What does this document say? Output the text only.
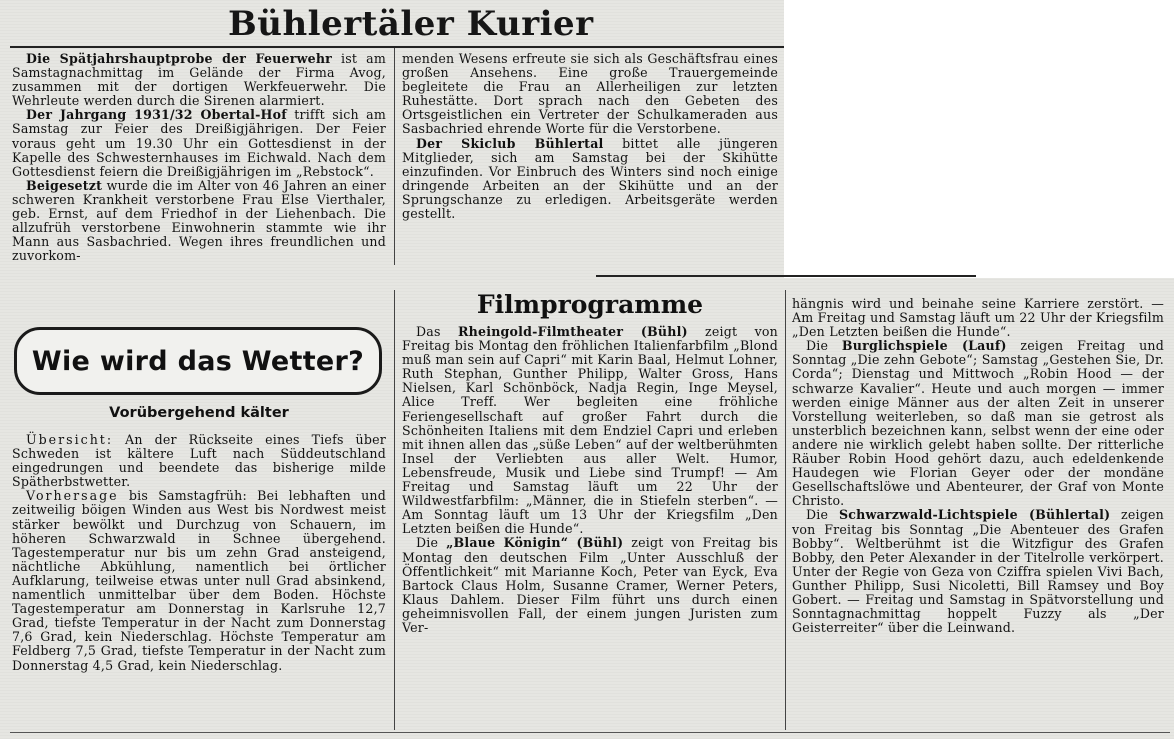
Bühlertäler Kurier

Die Spätjahrshauptprobe der Feuerwehr ist am Samstagnachmittag im Gelände der Firma Avog, zusammen mit der dortigen Werkfeuerwehr. Die Wehrleute werden durch die Sirenen alarmiert.

Der Jahrgang 1931/32 Obertal-Hof trifft sich am Samstag zur Feier des Dreißigjährigen. Der Feier voraus geht um 19.30 Uhr ein Gottesdienst in der Kapelle des Schwesternhauses im Eichwald. Nach dem Gottesdienst feiern die Dreißigjährigen im „Rebstock“.

Beigesetzt wurde die im Alter von 46 Jahren an einer schweren Krankheit verstorbene Frau Else Vierthaler, geb. Ernst, auf dem Friedhof in der Liehenbach. Die allzufrüh verstorbene Einwohnerin stammte wie ihr Mann aus Sasbachried. Wegen ihres freundlichen und zuvorkom-

menden Wesens erfreute sie sich als Geschäftsfrau eines großen Ansehens. Eine große Trauergemeinde begleitete die Frau an Allerheiligen zur letzten Ruhestätte. Dort sprach nach den Gebeten des Ortsgeistlichen ein Vertreter der Schulkameraden aus Sasbachried ehrende Worte für die Verstorbene.

Der Skiclub Bühlertal bittet alle jüngeren Mitglieder, sich am Samstag bei der Skihütte einzufinden. Vor Einbruch des Winters sind noch einige dringende Arbeiten an der Skihütte und an der Sprungschanze zu erledigen. Arbeitsgeräte werden gestellt.

Wie wird das Wetter?
Vorübergehend kälter

Übersicht: An der Rückseite eines Tiefs über Schweden ist kältere Luft nach Süddeutschland eingedrungen und beendete das bisherige milde Spätherbstwetter.

Vorhersage bis Samstagfrüh: Bei lebhaften und zeitweilig böigen Winden aus West bis Nordwest meist stärker bewölkt und Durchzug von Schauern, im höheren Schwarzwald in Schnee übergehend. Tagestemperatur nur bis um zehn Grad ansteigend, nächtliche Abkühlung, namentlich bei örtlicher Aufklarung, teilweise etwas unter null Grad absinkend, namentlich unmittelbar über dem Boden. Höchste Tagestemperatur am Donnerstag in Karlsruhe 12,7 Grad, tiefste Temperatur in der Nacht zum Donnerstag 7,6 Grad, kein Niederschlag. Höchste Temperatur am Feldberg 7,5 Grad, tiefste Temperatur in der Nacht zum Donnerstag 4,5 Grad, kein Niederschlag.

Filmprogramme

Das Rheingold-Filmtheater (Bühl) zeigt von Freitag bis Montag den fröhlichen Italienfarbfilm „Blond muß man sein auf Capri“ mit Karin Baal, Helmut Lohner, Ruth Stephan, Gunther Philipp, Walter Gross, Hans Nielsen, Karl Schönböck, Nadja Regin, Inge Meysel, Alice Treff. Wer begleiten eine fröhliche Feriengesellschaft auf großer Fahrt durch die Schönheiten Italiens mit dem Endziel Capri und erleben mit ihnen allen das „süße Leben“ auf der weltberühmten Insel der Verliebten aus aller Welt. Humor, Lebensfreude, Musik und Liebe sind Trumpf! — Am Freitag und Samstag läuft um 22 Uhr der Wildwestfarbfilm: „Männer, die in Stiefeln sterben“. — Am Sonntag läuft um 13 Uhr der Kriegsfilm „Den Letzten beißen die Hunde“.

Die „Blaue Königin“ (Bühl) zeigt von Freitag bis Montag den deutschen Film „Unter Ausschluß der Öffentlichkeit“ mit Marianne Koch, Peter van Eyck, Eva Bartock Claus Holm, Susanne Cramer, Werner Peters, Klaus Dahlem. Dieser Film führt uns durch einen geheimnisvollen Fall, der einem jungen Juristen zum Ver-

hängnis wird und beinahe seine Karriere zerstört. — Am Freitag und Samstag läuft um 22 Uhr der Kriegsfilm „Den Letzten beißen die Hunde“.

Die Burglichspiele (Lauf) zeigen Freitag und Sonntag „Die zehn Gebote“; Samstag „Gestehen Sie, Dr. Corda“; Dienstag und Mittwoch „Robin Hood — der schwarze Kavalier“. Heute und auch morgen — immer werden einige Männer aus der alten Zeit in unserer Vorstellung weiterleben, so daß man sie getrost als unsterblich bezeichnen kann, selbst wenn der eine oder andere nie wirklich gelebt haben sollte. Der ritterliche Räuber Robin Hood gehört dazu, auch edeldenkende Haudegen wie Florian Geyer oder der mondäne Gesellschaftslöwe und Abenteurer, der Graf von Monte Christo.

Die Schwarzwald-Lichtspiele (Bühlertal) zeigen von Freitag bis Sonntag „Die Abenteuer des Grafen Bobby“. Weltberühmt ist die Witzfigur des Grafen Bobby, den Peter Alexander in der Titelrolle verkörpert. Unter der Regie von Geza von Cziffra spielen Vivi Bach, Gunther Philipp, Susi Nicoletti, Bill Ramsey und Boy Gobert. — Freitag und Samstag in Spätvorstellung und Sonntagnachmittag hoppelt Fuzzy als „Der Geisterreiter“ über die Leinwand.
